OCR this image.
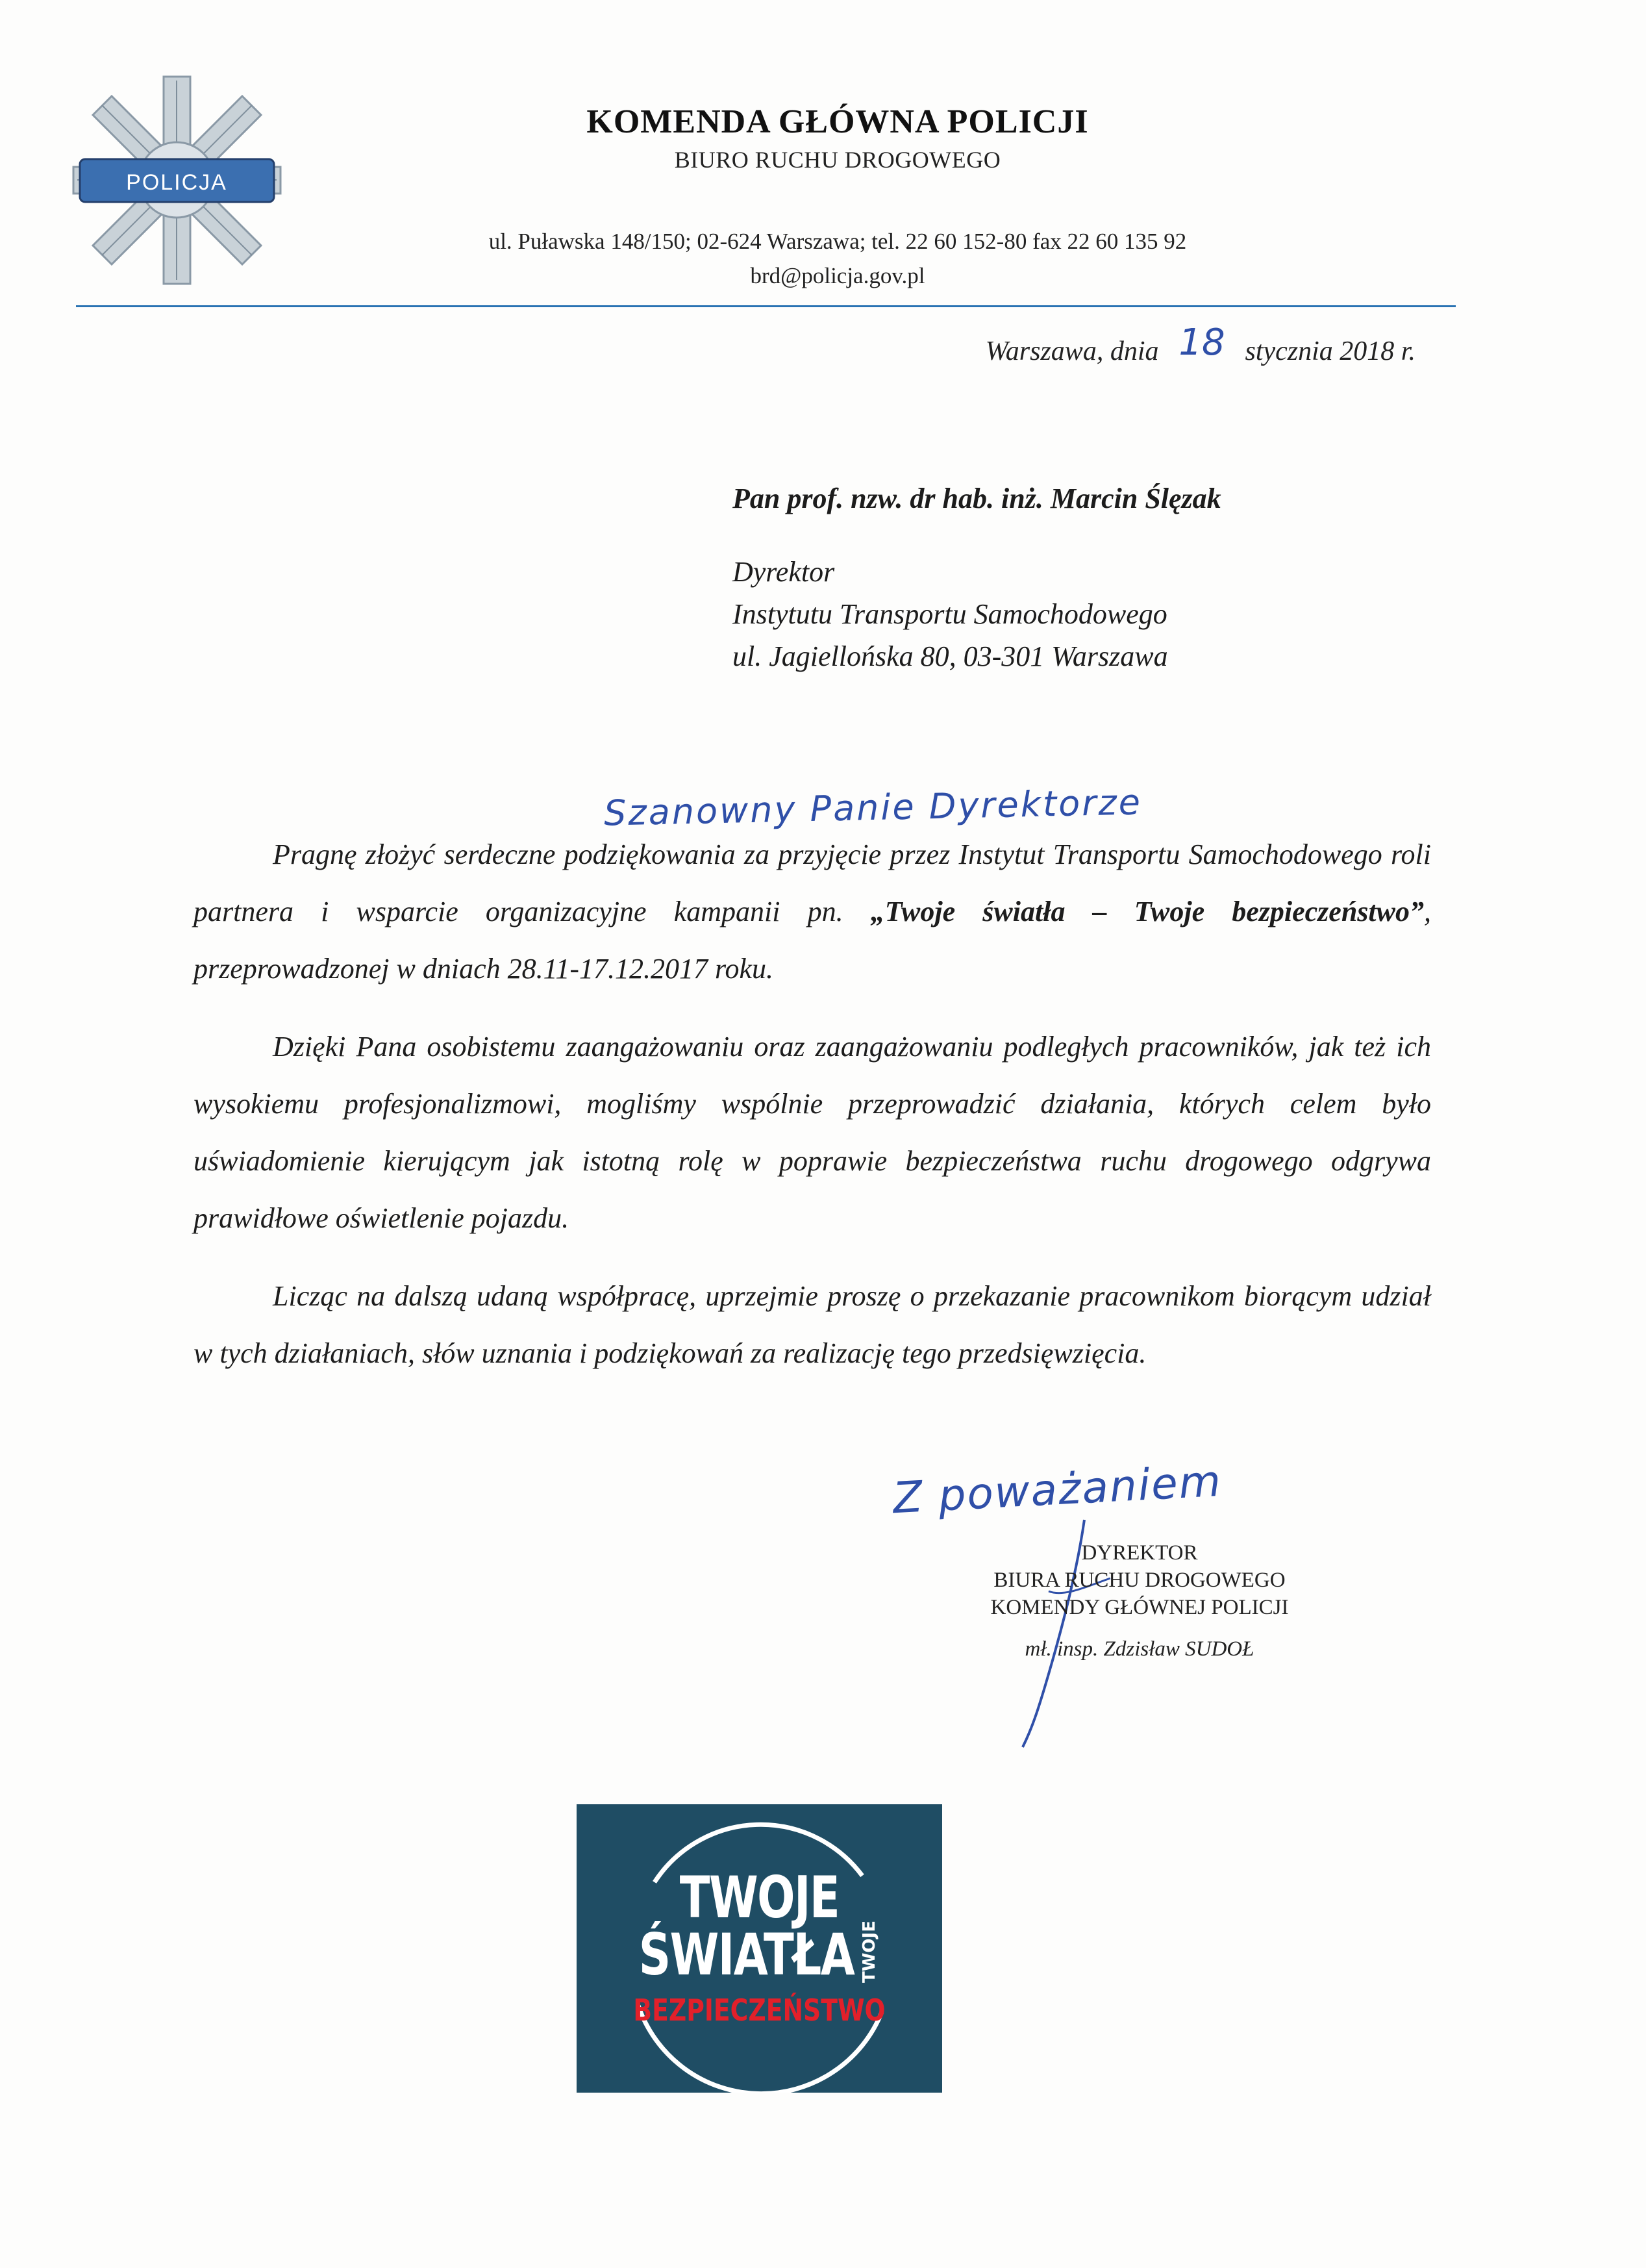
POLICJA
KOMENDA GŁÓWNA POLICJI
BIURO RUCHU DROGOWEGO
ul. Puławska 148/150; 02-624 Warszawa; tel. 22 60 152-80 fax 22 60 135 92
brd@policja.gov.pl
Warszawa, dnia 18 stycznia 2018 r.
Pan prof. nzw. dr hab. inż. Marcin Ślęzak
Dyrektor
Instytutu Transportu Samochodowego
ul. Jagiellońska 80, 03-301 Warszawa
Szanowny Panie Dyrektorze

Pragnę złożyć serdeczne podziękowania za przyjęcie przez Instytut Transportu Samochodowego roli partnera i wsparcie organizacyjne kampanii pn. „Twoje światła – Twoje bezpieczeństwo”, przeprowadzonej w dniach 28.11-17.12.2017 roku.

Dzięki Pana osobistemu zaangażowaniu oraz zaangażowaniu podległych pracowników, jak też ich wysokiemu profesjonalizmowi, mogliśmy wspólnie przeprowadzić działania, których celem było uświadomienie kierującym jak istotną rolę w poprawie bezpieczeństwa ruchu drogowego odgrywa prawidłowe oświetlenie pojazdu.

Licząc na dalszą udaną współpracę, uprzejmie proszę o przekazanie pracownikom biorącym udział w tych działaniach, słów uznania i podziękowań za realizację tego przedsięwzięcia.

Z poważaniem
DYREKTOR
BIURA RUCHU DROGOWEGO
KOMENDY GŁÓWNEJ POLICJI
mł. insp. Zdzisław SUDOŁ
TWOJE
ŚWIATŁA TWOJE
BEZPIECZEŃSTWO
